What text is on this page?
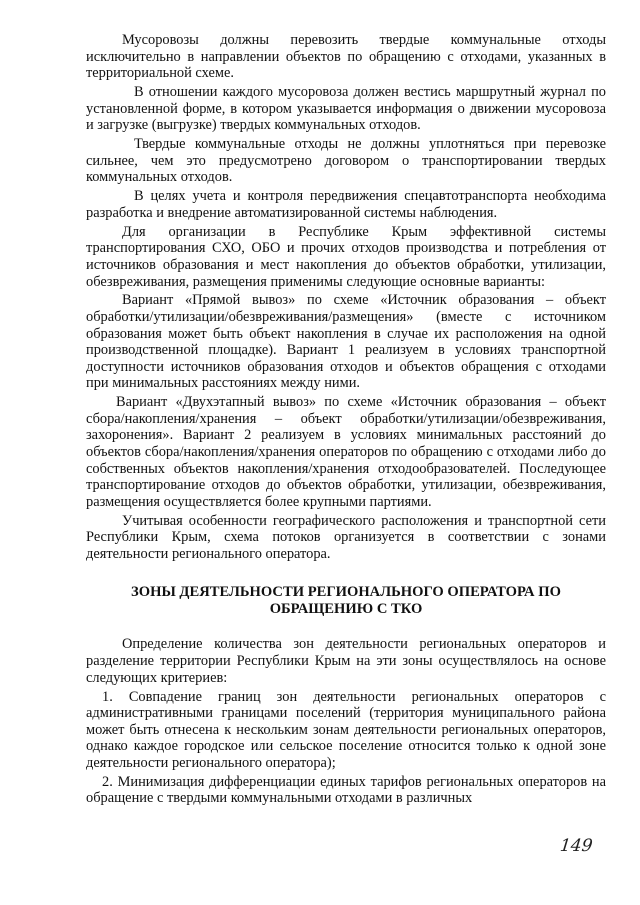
Мусоровозы должны перевозить твердые коммунальные отходы исключительно в направлении объектов по обращению с отходами, указанных в территориальной схеме.

В отношении каждого мусоровоза должен вестись маршрутный журнал по установленной форме, в котором указывается информация о движении мусоровоза и загрузке (выгрузке) твердых коммунальных отходов.

Твердые коммунальные отходы не должны уплотняться при перевозке сильнее, чем это предусмотрено договором о транспортировании твердых коммунальных отходов.

В целях учета и контроля передвижения спецавтотранспорта необходима разработка и внедрение автоматизированной системы наблюдения.

Для организации в Республике Крым эффективной системы транспортирования СХО, ОБО и прочих отходов производства и потребления от источников образования и мест накопления до объектов обработки, утилизации, обезвреживания, размещения применимы следующие основные варианты:

Вариант «Прямой вывоз» по схеме «Источник образования – объект обработки/утилизации/обезвреживания/размещения» (вместе с источником образования может быть объект накопления в случае их расположения на одной производственной площадке). Вариант 1 реализуем в условиях транспортной доступности источников образования отходов и объектов обращения с отходами при минимальных расстояниях между ними.

Вариант «Двухэтапный вывоз» по схеме «Источник образования – объект сбора/накопления/хранения – объект обработки/утилизации/обезвреживания, захоронения». Вариант 2 реализуем в условиях минимальных расстояний до объектов сбора/накопления/хранения операторов по обращению с отходами либо до собственных объектов накопления/хранения отходообразователей. Последующее транспортирование отходов до объектов обработки, утилизации, обезвреживания, размещения осуществляется более крупными партиями.

Учитывая особенности географического расположения и транспортной сети Республики Крым, схема потоков организуется в соответствии с зонами деятельности регионального оператора.

ЗОНЫ ДЕЯТЕЛЬНОСТИ РЕГИОНАЛЬНОГО ОПЕРАТОРА ПО ОБРАЩЕНИЮ С ТКО

Определение количества зон деятельности региональных операторов и разделение территории Республики Крым на эти зоны осуществлялось на основе следующих критериев:

1. Совпадение границ зон деятельности региональных операторов с административными границами поселений (территория муниципального района может быть отнесена к нескольким зонам деятельности региональных операторов, однако каждое городское или сельское поселение относится только к одной зоне деятельности регионального оператора);

2. Минимизация дифференциации единых тарифов региональных операторов на обращение с твердыми коммунальными отходами в различных

149
